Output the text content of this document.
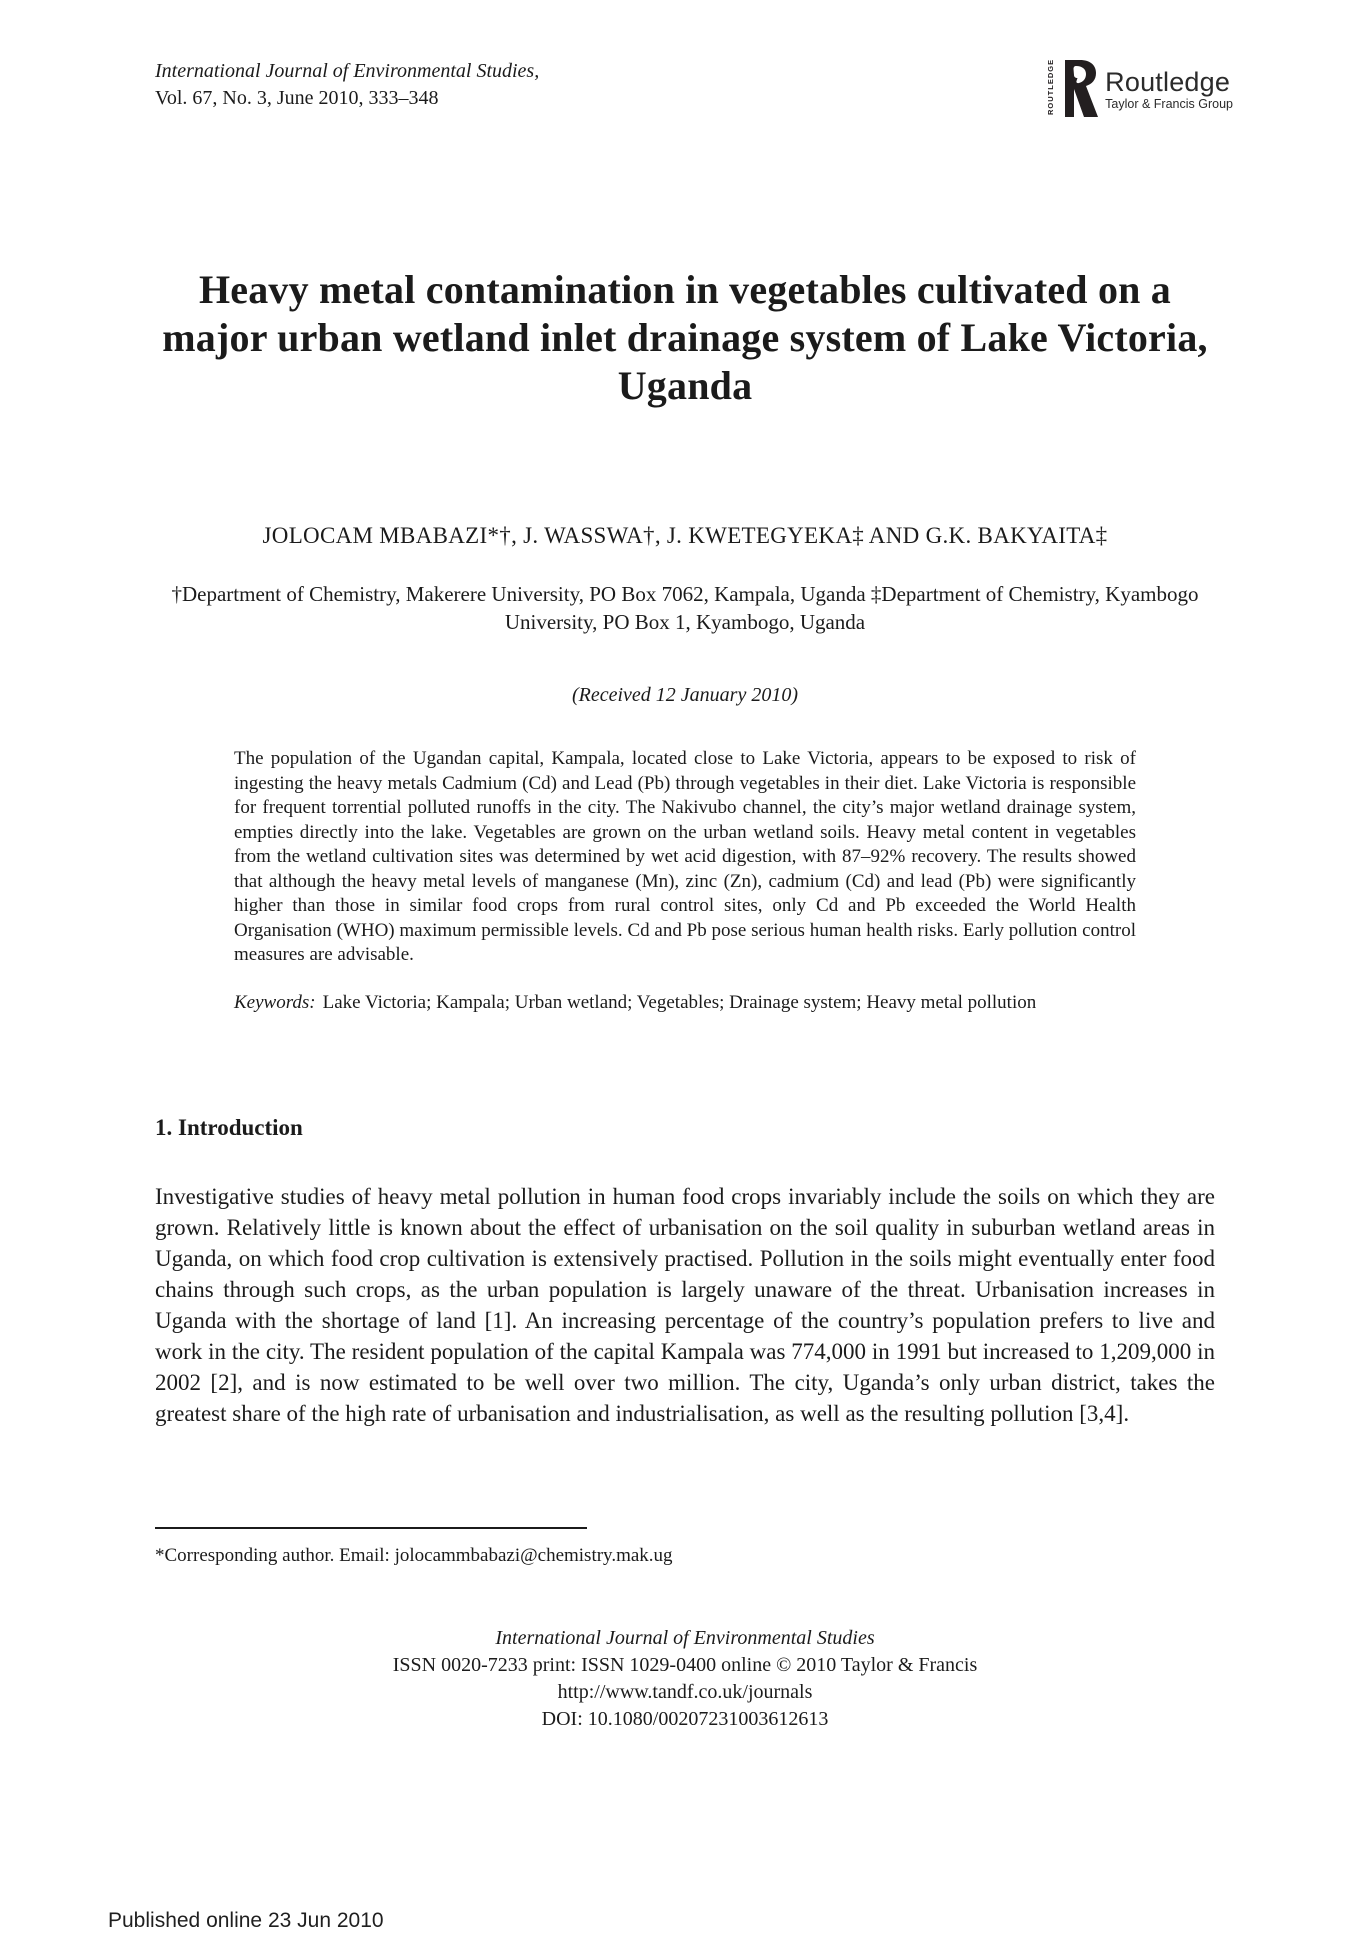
International Journal of Environmental Studies,
Vol. 67, No. 3, June 2010, 333–348	ROUTLEDGE Routledge
Taylor & Francis Group
Heavy metal contamination in vegetables cultivated on a major urban wetland inlet drainage system of Lake Victoria, Uganda
JOLOCAM MBABAZI*†, J. WASSWA†, J. KWETEGYEKA‡ AND G.K. BAKYAITA‡
†Department of Chemistry, Makerere University, PO Box 7062, Kampala, Uganda ‡Department of Chemistry, Kyambogo University, PO Box 1, Kyambogo, Uganda
(Received 12 January 2010)
The population of the Ugandan capital, Kampala, located close to Lake Victoria, appears to be exposed to risk of ingesting the heavy metals Cadmium (Cd) and Lead (Pb) through vegetables in their diet. Lake Victoria is responsible for frequent torrential polluted runoffs in the city. The Nakivubo channel, the city’s major wetland drainage system, empties directly into the lake. Vegetables are grown on the urban wetland soils. Heavy metal content in vegetables from the wetland cultivation sites was determined by wet acid digestion, with 87–92% recovery. The results showed that although the heavy metal levels of manganese (Mn), zinc (Zn), cadmium (Cd) and lead (Pb) were significantly higher than those in similar food crops from rural control sites, only Cd and Pb exceeded the World Health Organisation (WHO) maximum permissible levels. Cd and Pb pose serious human health risks. Early pollution control measures are advisable.
Keywords: Lake Victoria; Kampala; Urban wetland; Vegetables; Drainage system; Heavy metal pollution
1. Introduction

Investigative studies of heavy metal pollution in human food crops invariably include the soils on which they are grown. Relatively little is known about the effect of urbanisation on the soil quality in suburban wetland areas in Uganda, on which food crop cultivation is extensively practised. Pollution in the soils might eventually enter food chains through such crops, as the urban population is largely unaware of the threat. Urbanisation increases in Uganda with the shortage of land [1]. An increasing percentage of the country’s population prefers to live and work in the city. The resident population of the capital Kampala was 774,000 in 1991 but increased to 1,209,000 in 2002 [2], and is now estimated to be well over two million. The city, Uganda’s only urban district, takes the greatest share of the high rate of urbanisation and industrialisation, as well as the resulting pollution [3,4].

*Corresponding author. Email: jolocammbabazi@chemistry.mak.ug
International Journal of Environmental Studies
ISSN 0020-7233 print: ISSN 1029-0400 online © 2010 Taylor & Francis
http://www.tandf.co.uk/journals
DOI: 10.1080/00207231003612613
Published online 23 Jun 2010
